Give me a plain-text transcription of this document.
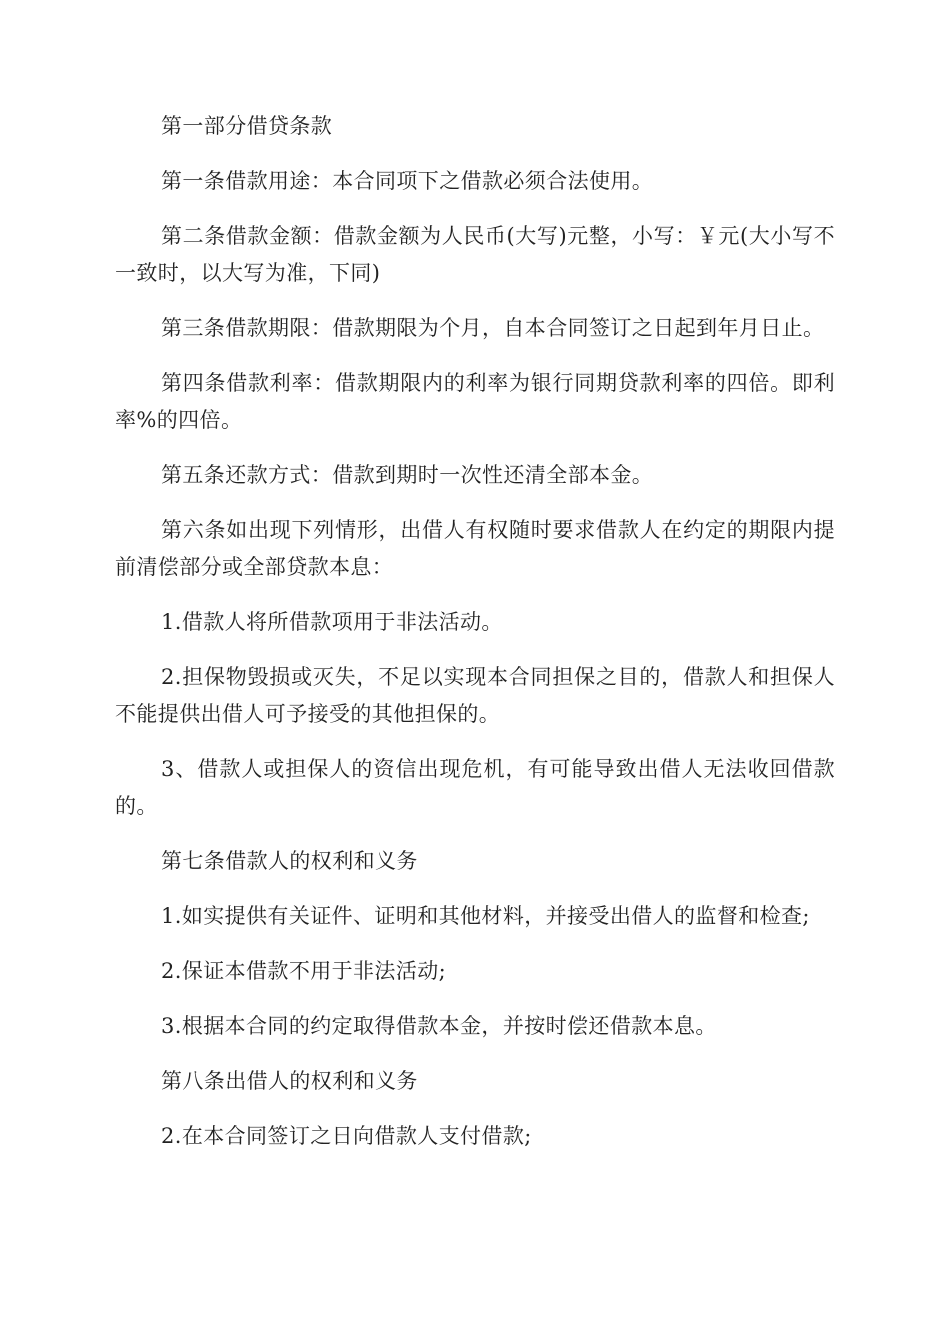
第一部分借贷条款

第一条借款用途：本合同项下之借款必须合法使用。

第二条借款金额：借款金额为人民币(大写)元整，小写：￥元(大小写不一致时，以大写为准，下同)

第三条借款期限：借款期限为个月，自本合同签订之日起到年月日止。

第四条借款利率：借款期限内的利率为银行同期贷款利率的四倍。即利率%的四倍。

第五条还款方式：借款到期时一次性还清全部本金。

第六条如出现下列情形，出借人有权随时要求借款人在约定的期限内提前清偿部分或全部贷款本息：

1.借款人将所借款项用于非法活动。

2.担保物毁损或灭失，不足以实现本合同担保之目的，借款人和担保人不能提供出借人可予接受的其他担保的。

3、借款人或担保人的资信出现危机，有可能导致出借人无法收回借款的。

第七条借款人的权利和义务

1.如实提供有关证件、证明和其他材料，并接受出借人的监督和检查;

2.保证本借款不用于非法活动;

3.根据本合同的约定取得借款本金，并按时偿还借款本息。

第八条出借人的权利和义务

2.在本合同签订之日向借款人支付借款;
